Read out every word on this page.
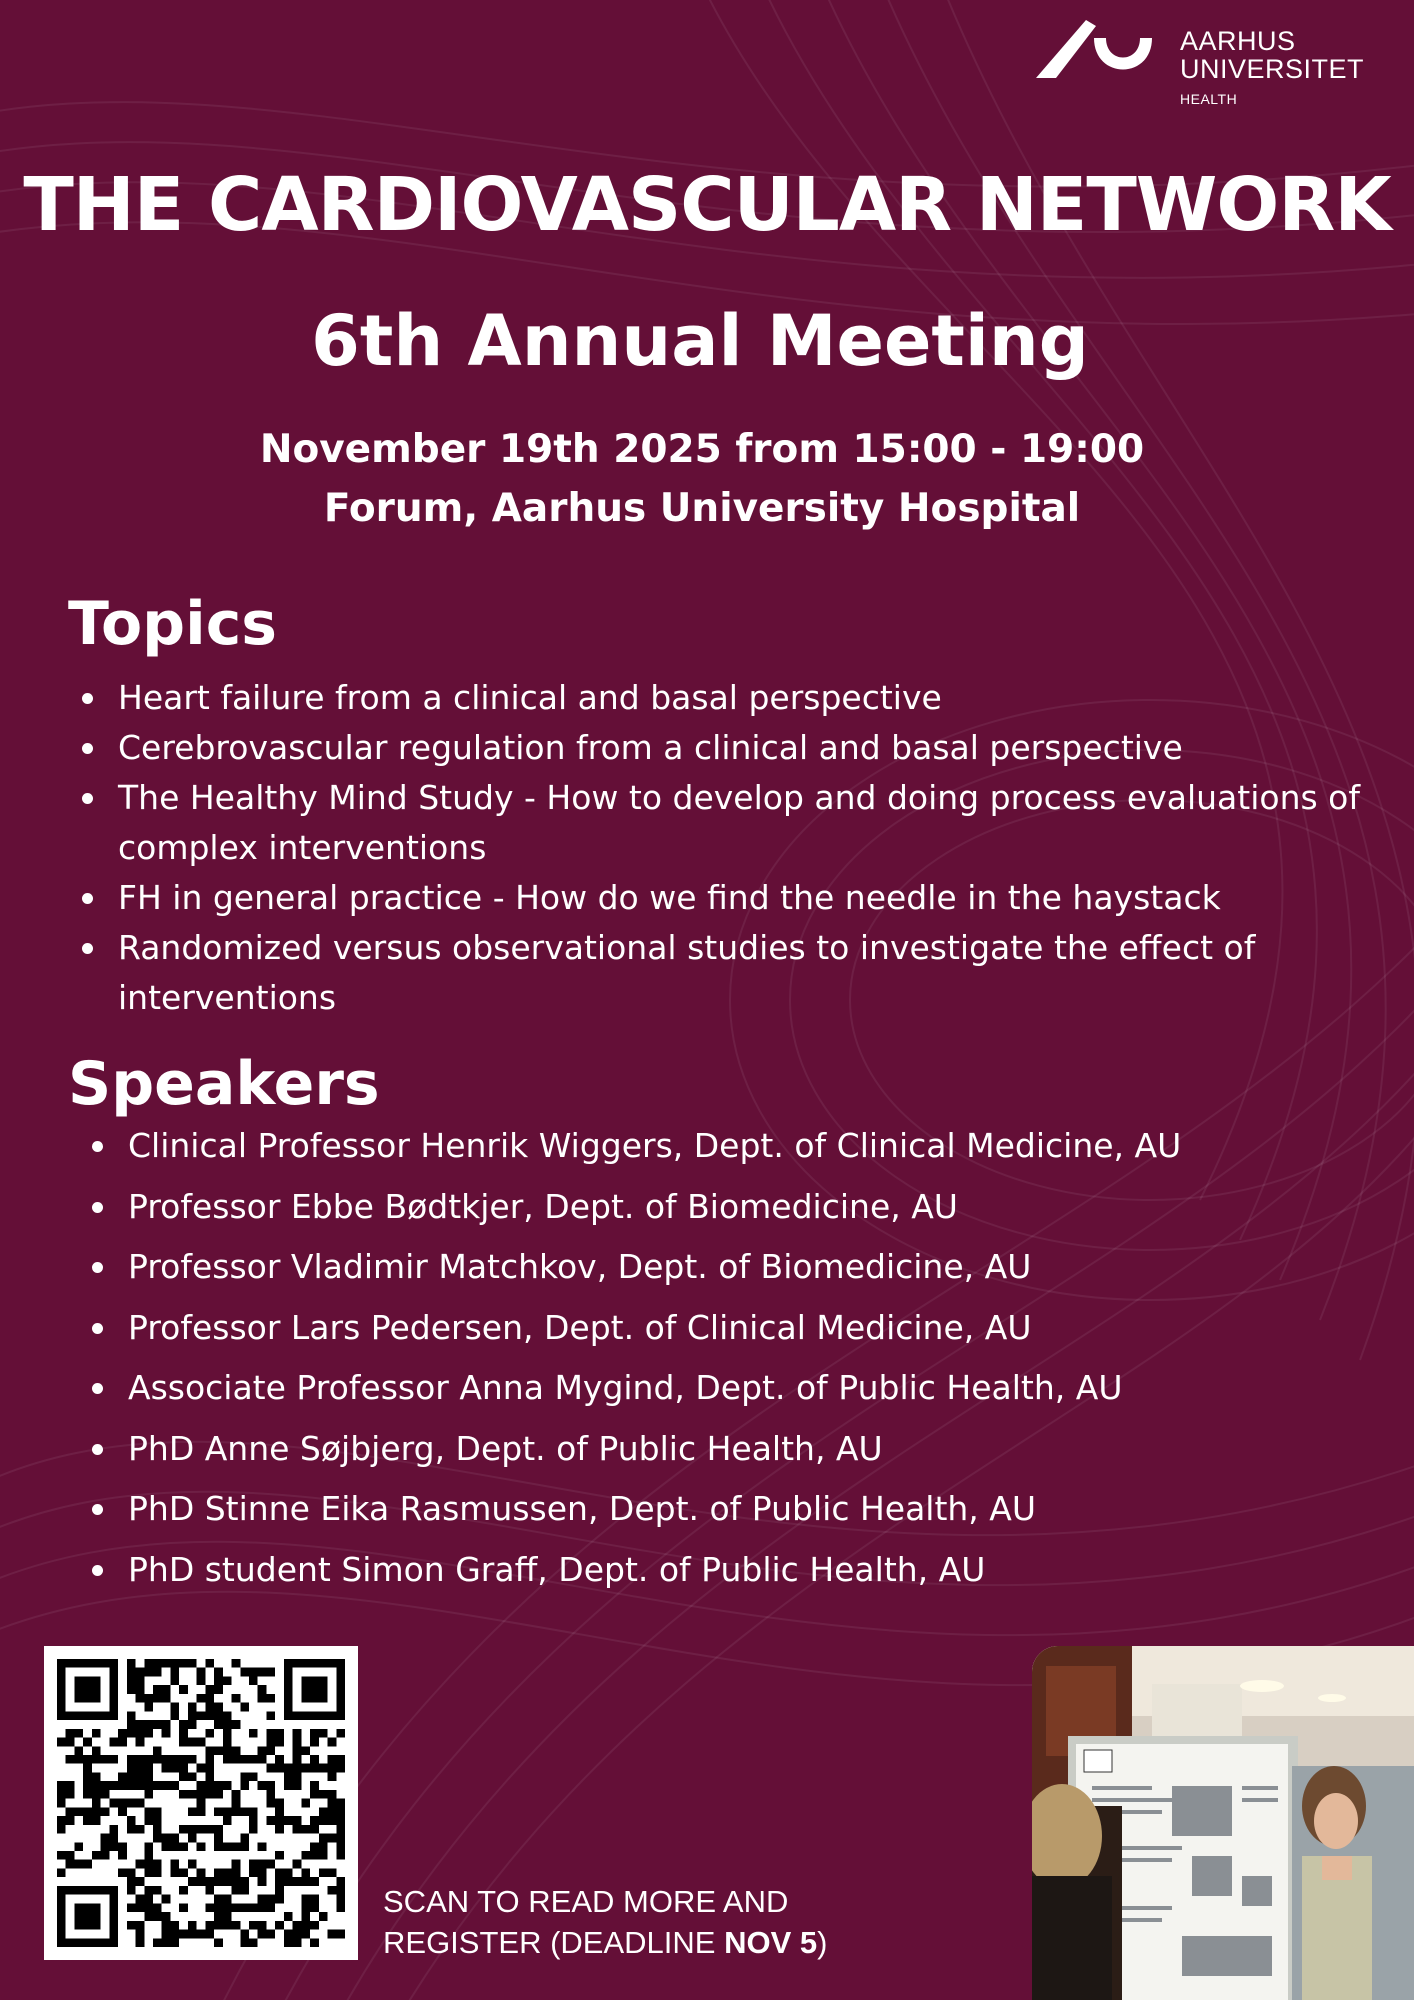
AARHUS
UNIVERSITET
HEALTH
THE CARDIOVASCULAR NETWORK
6th Annual Meeting
November 19th 2025 from 15:00 - 19:00
Forum, Aarhus University Hospital
Topics
Heart failure from a clinical and basal perspective
Cerebrovascular regulation from a clinical and basal perspective
The Healthy Mind Study - How to develop and doing process evaluations of complex interventions
FH in general practice - How do we find the needle in the haystack
Randomized versus observational studies to investigate the effect of interventions
Speakers
Clinical Professor Henrik Wiggers, Dept. of Clinical Medicine, AU
Professor Ebbe Bødtkjer, Dept. of Biomedicine, AU
Professor Vladimir Matchkov, Dept. of Biomedicine, AU
Professor Lars Pedersen, Dept. of Clinical Medicine, AU
Associate Professor Anna Mygind, Dept. of Public Health, AU
PhD Anne Søjbjerg, Dept. of Public Health, AU
PhD Stinne Eika Rasmussen, Dept. of Public Health, AU
PhD student Simon Graff, Dept. of Public Health, AU
SCAN TO READ MORE AND
REGISTER (DEADLINE NOV 5)
